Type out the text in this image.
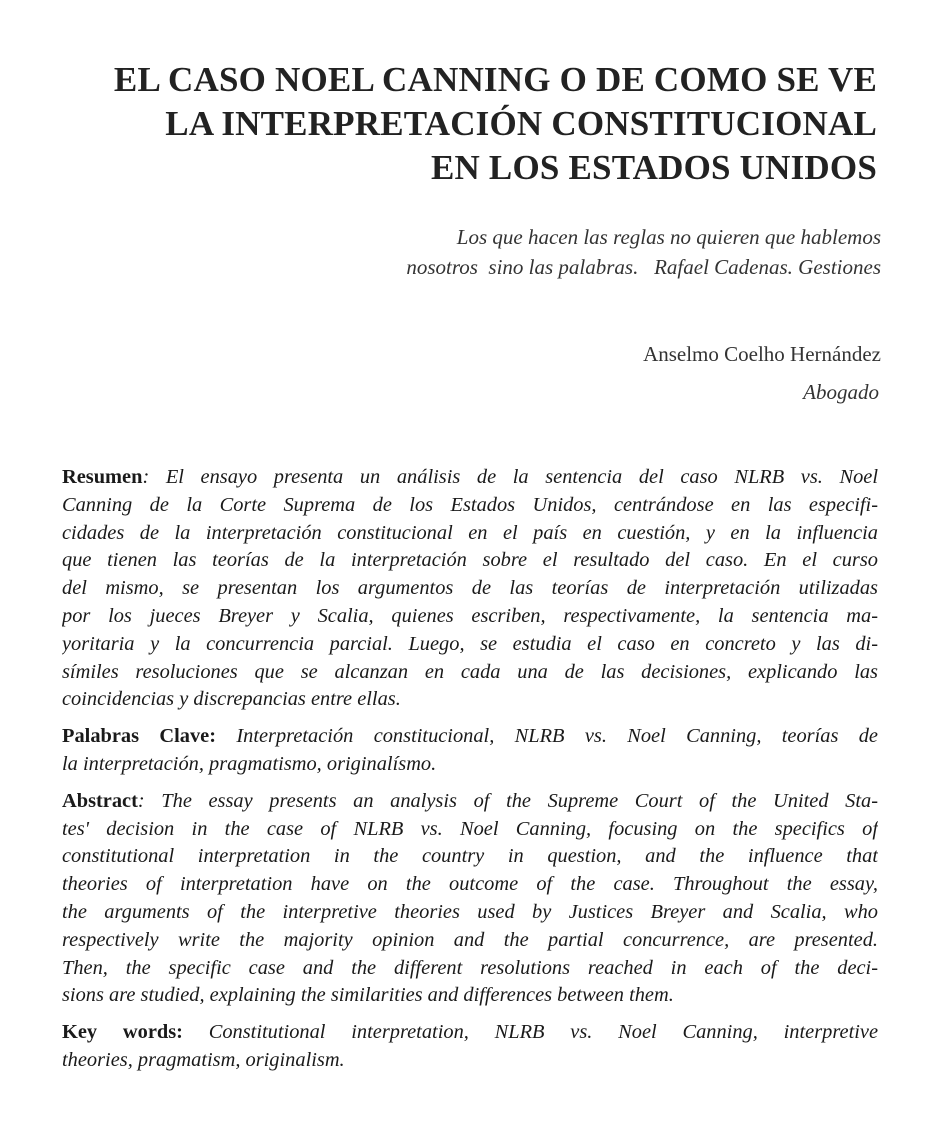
EL CASO NOEL CANNING O DE COMO SE VE
LA INTERPRETACIÓN CONSTITUCIONAL
EN LOS ESTADOS UNIDOS
Los que hacen las reglas no quieren que hablemos
nosotros  sino las palabras.   Rafael Cadenas. Gestiones
Anselmo Coelho Hernández
Abogado
Resumen: El ensayo presenta un análisis de la sentencia del caso NLRB vs. Noel
Canning de la Corte Suprema de los Estados Unidos, centrándose en las especifi-
cidades de la interpretación constitucional en el país en cuestión, y en la influencia
que tienen las teorías de la interpretación sobre el resultado del caso. En el curso
del mismo, se presentan los argumentos de las teorías de interpretación utilizadas
por los jueces Breyer y Scalia, quienes escriben, respectivamente, la sentencia ma-
yoritaria y la concurrencia parcial. Luego, se estudia el caso en concreto y las di-
símiles resoluciones que se alcanzan en cada una de las decisiones, explicando las
coincidencias y discrepancias entre ellas.
Palabras Clave: Interpretación constitucional, NLRB vs. Noel Canning, teorías de
la interpretación, pragmatismo, originalísmo.
Abstract: The essay presents an analysis of the Supreme Court of the United Sta-
tes' decision in the case of NLRB vs. Noel Canning, focusing on the specifics of
constitutional interpretation in the country in question, and the influence that
theories of interpretation have on the outcome of the case. Throughout the essay,
the arguments of the interpretive theories used by Justices Breyer and Scalia, who
respectively write the majority opinion and the partial concurrence, are presented.
Then, the specific case and the different resolutions reached in each of the deci-
sions are studied, explaining the similarities and differences between them.
Key words: Constitutional interpretation, NLRB vs. Noel Canning, interpretive
theories, pragmatism, originalism.
